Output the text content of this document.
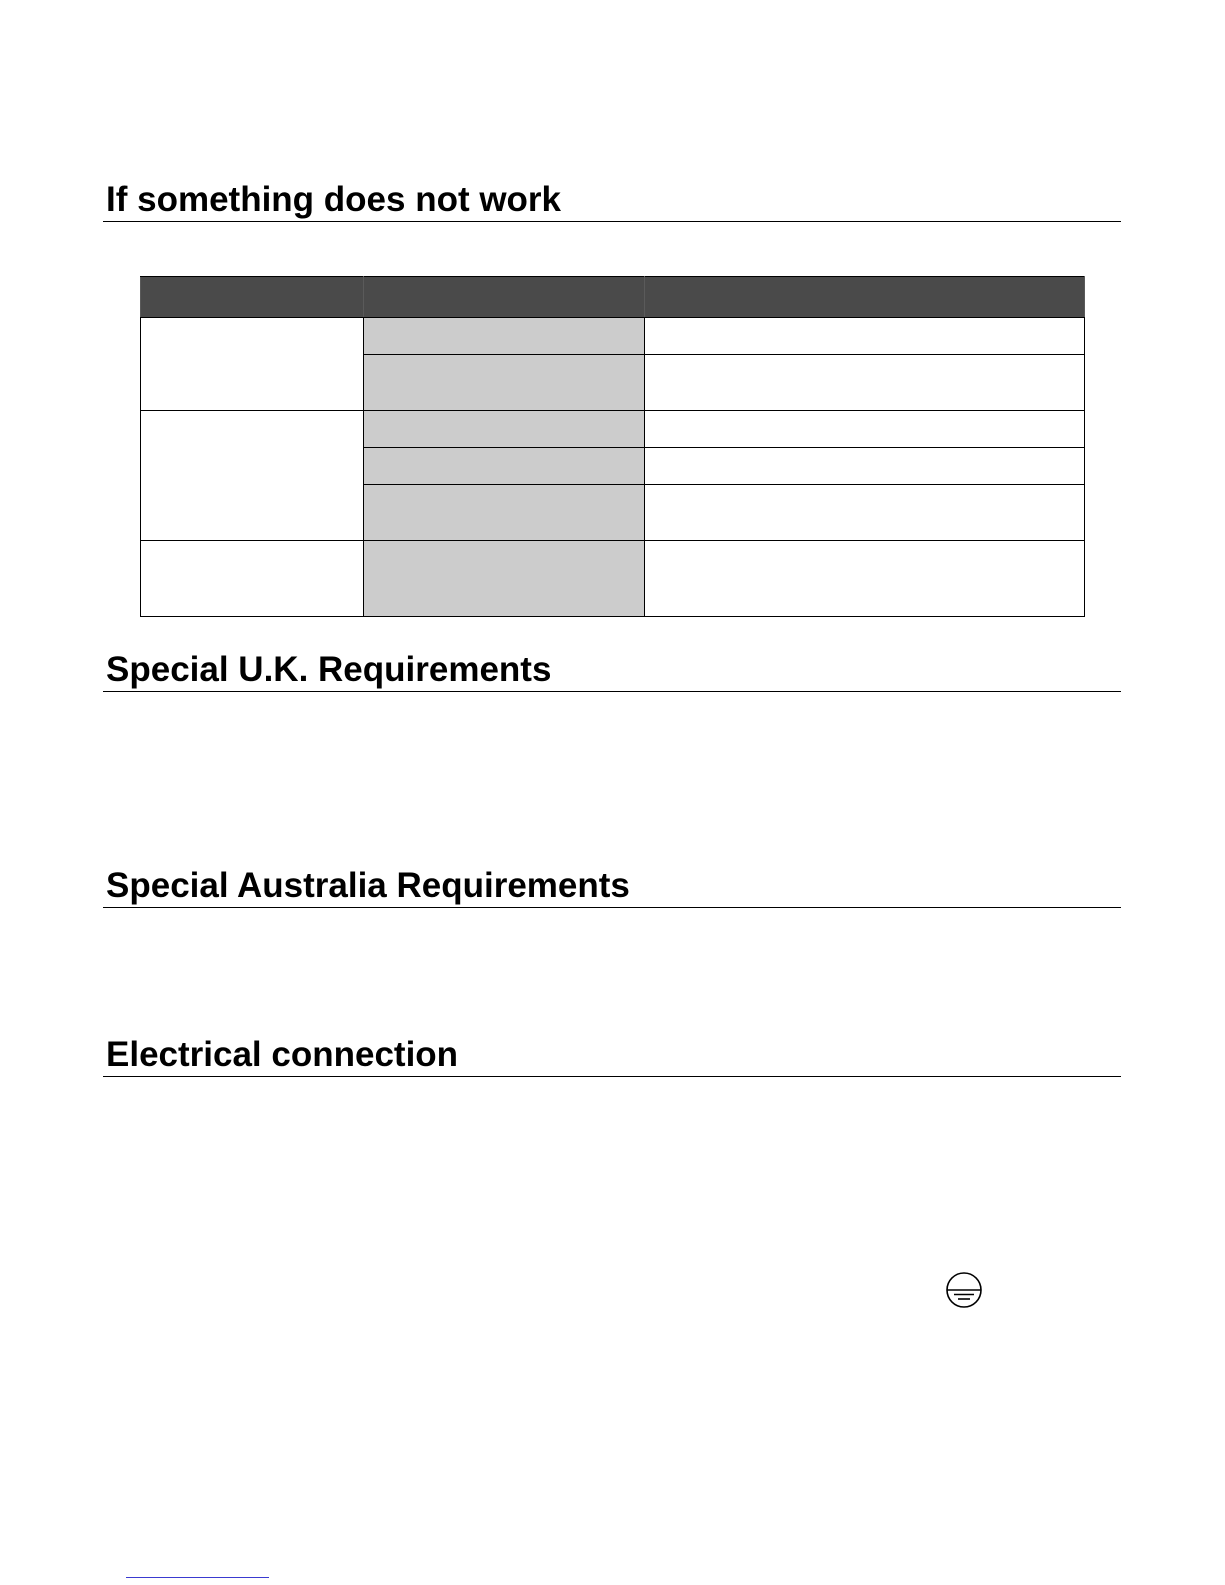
If something does not work

Special U.K. Requirements
Special Australia Requirements
Electrical connection
